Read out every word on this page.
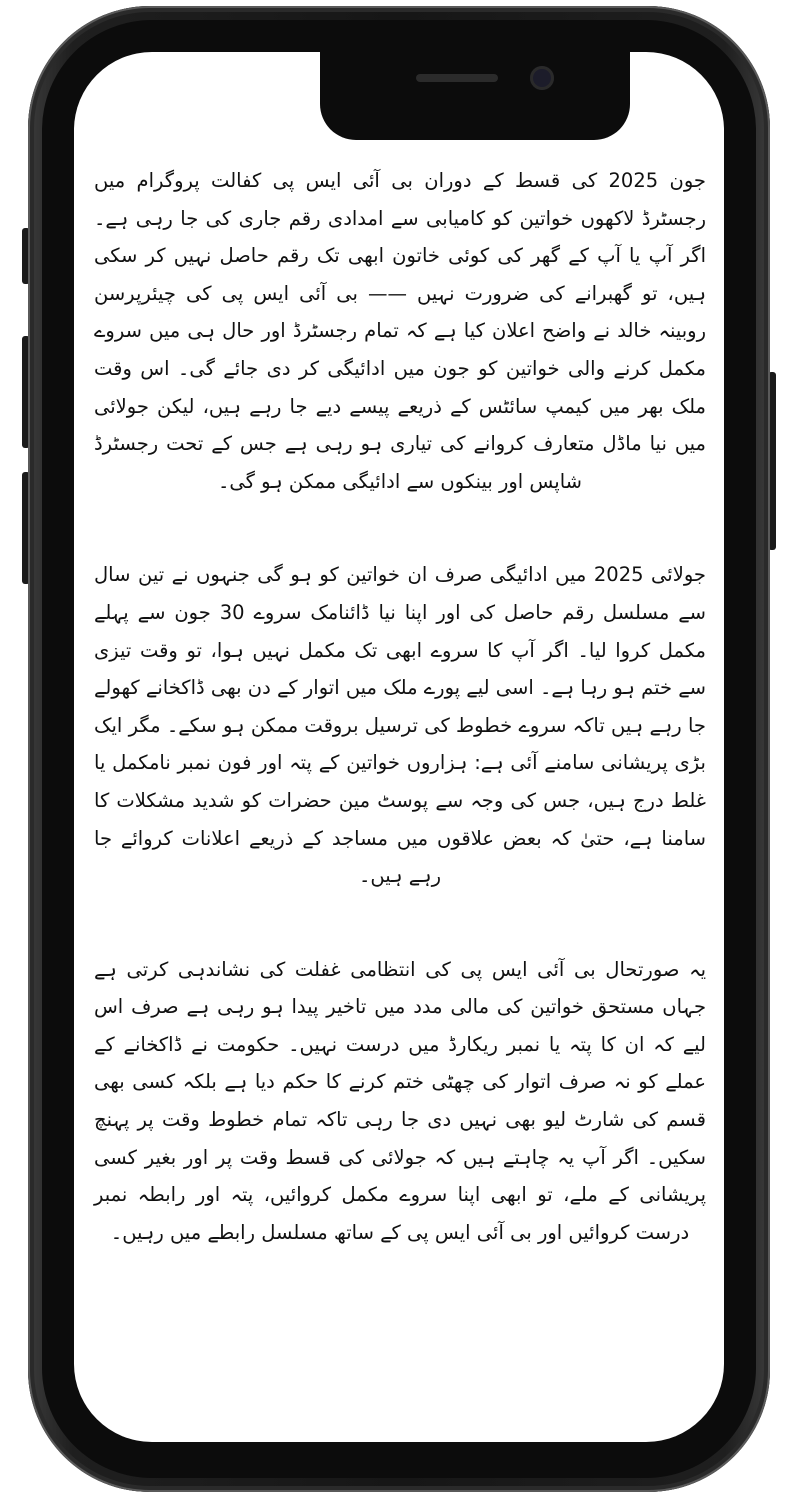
جون 2025 کی قسط کے دوران بی آئی ایس پی کفالت پروگرام میں رجسٹرڈ لاکھوں خواتین کو کامیابی سے امدادی رقم جاری کی جا رہی ہے۔ اگر آپ یا آپ کے گھر کی کوئی خاتون ابھی تک رقم حاصل نہیں کر سکی ہیں، تو گھبرانے کی ضرورت نہیں —— بی آئی ایس پی کی چیئرپرسن روبینہ خالد نے واضح اعلان کیا ہے کہ تمام رجسٹرڈ اور حال ہی میں سروے مکمل کرنے والی خواتین کو جون میں ادائیگی کر دی جائے گی۔ اس وقت ملک بھر میں کیمپ سائٹس کے ذریعے پیسے دیے جا رہے ہیں، لیکن جولائی میں نیا ماڈل متعارف کروانے کی تیاری ہو رہی ہے جس کے تحت رجسٹرڈ شاپس اور بینکوں سے ادائیگی ممکن ہو گی۔

جولائی 2025 میں ادائیگی صرف ان خواتین کو ہو گی جنہوں نے تین سال سے مسلسل رقم حاصل کی اور اپنا نیا ڈائنامک سروے 30 جون سے پہلے مکمل کروا لیا۔ اگر آپ کا سروے ابھی تک مکمل نہیں ہوا، تو وقت تیزی سے ختم ہو رہا ہے۔ اسی لیے پورے ملک میں اتوار کے دن بھی ڈاکخانے کھولے جا رہے ہیں تاکہ سروے خطوط کی ترسیل بروقت ممکن ہو سکے۔ مگر ایک بڑی پریشانی سامنے آئی ہے: ہزاروں خواتین کے پتہ اور فون نمبر نامکمل یا غلط درج ہیں، جس کی وجہ سے پوسٹ مین حضرات کو شدید مشکلات کا سامنا ہے، حتیٰ کہ بعض علاقوں میں مساجد کے ذریعے اعلانات کروائے جا رہے ہیں۔

یہ صورتحال بی آئی ایس پی کی انتظامی غفلت کی نشاندہی کرتی ہے جہاں مستحق خواتین کی مالی مدد میں تاخیر پیدا ہو رہی ہے صرف اس لیے کہ ان کا پتہ یا نمبر ریکارڈ میں درست نہیں۔ حکومت نے ڈاکخانے کے عملے کو نہ صرف اتوار کی چھٹی ختم کرنے کا حکم دیا ہے بلکہ کسی بھی قسم کی شارٹ لیو بھی نہیں دی جا رہی تاکہ تمام خطوط وقت پر پہنچ سکیں۔ اگر آپ یہ چاہتے ہیں کہ جولائی کی قسط وقت پر اور بغیر کسی پریشانی کے ملے، تو ابھی اپنا سروے مکمل کروائیں، پتہ اور رابطہ نمبر درست کروائیں اور بی آئی ایس پی کے ساتھ مسلسل رابطے میں رہیں۔
